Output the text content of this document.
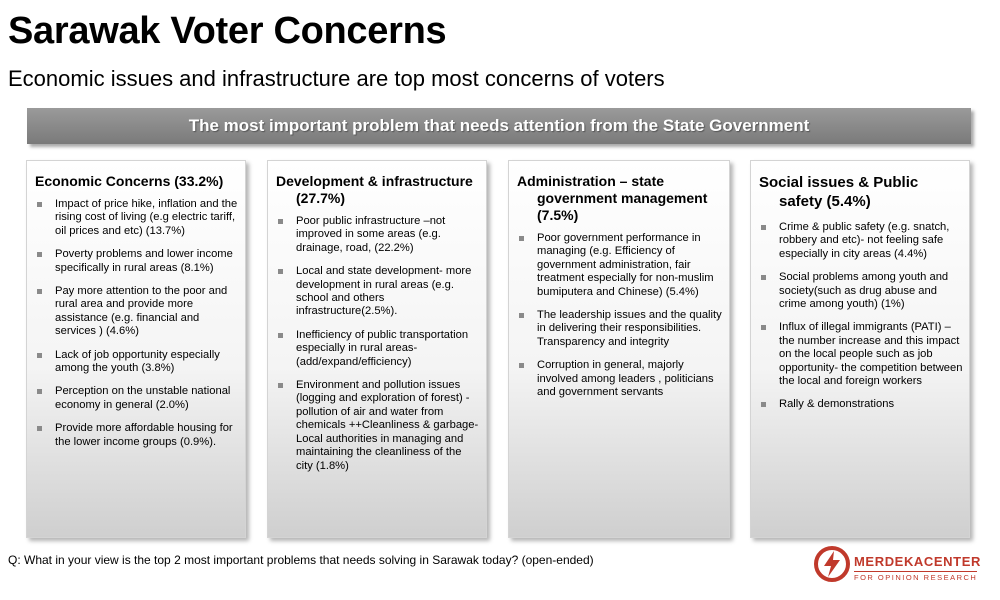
Sarawak Voter Concerns
Economic issues and infrastructure are top most concerns of voters
The most important problem that needs attention from the State Government
Economic Concerns (33.2%)
Impact of price hike, inflation and the rising cost of living (e.g electric tariff, oil prices and etc) (13.7%)
Poverty problems and lower income specifically in rural areas (8.1%)
Pay more attention to the poor and rural area and provide more assistance (e.g. financial and services ) (4.6%)
Lack of job opportunity especially among the youth (3.8%)
Perception on the unstable national economy in general (2.0%)
Provide more affordable housing for the lower income groups (0.9%).
Development & infrastructure (27.7%)
Poor public infrastructure –not improved in some areas (e.g. drainage, road, (22.2%)
Local and state development- more development in rural areas (e.g. school and others infrastructure(2.5%).
Inefficiency of public transportation especially in rural areas- (add/expand/efficiency)
Environment and pollution issues (logging and exploration of forest) - pollution of air and water from chemicals ++Cleanliness & garbage- Local authorities in managing and maintaining the cleanliness of the city (1.8%)
Administration – state government management (7.5%)
Poor government performance in managing (e.g. Efficiency of government administration, fair treatment especially for non-muslim bumiputera and Chinese) (5.4%)
The leadership issues and the quality in delivering their responsibilities. Transparency and integrity
Corruption in general, majorly involved among leaders , politicians and government servants
Social issues & Public safety (5.4%)
Crime & public safety (e.g. snatch, robbery and etc)- not feeling safe especially in city areas (4.4%)
Social problems among youth and society(such as drug abuse and crime among youth) (1%)
Influx of illegal immigrants (PATI) – the number increase and this impact on the local people such as job opportunity- the competition between the local and foreign workers
Rally & demonstrations
Q: What in your view is the top 2 most important problems that needs solving in Sarawak today? (open-ended)	MERDEKACENTER
FOR OPINION RESEARCH
